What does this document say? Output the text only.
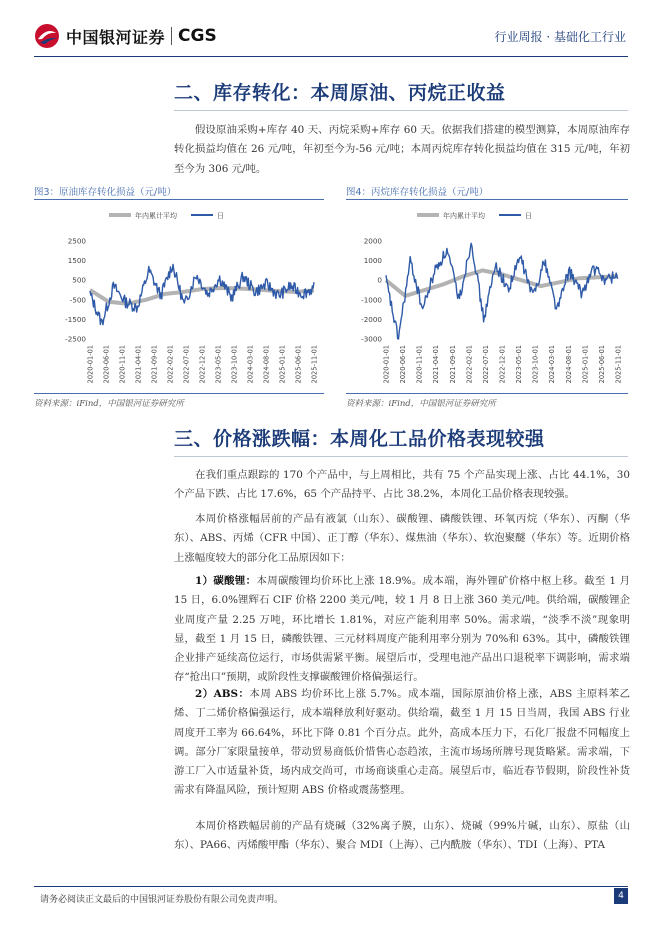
中国银河证券 CGS	行业周报 · 基础化工行业
二、库存转化：本周原油、丙烷正收益
假设原油采购+库存 40 天、丙烷采购+库存 60 天。依据我们搭建的模型测算，本周原油库存转化损益均值在 26 元/吨，年初至今为-56 元/吨；本周丙烷库存转化损益均值在 315 元/吨，年初至今为 306 元/吨。
图3：原油库存转化损益（元/吨）
年内累计平均	日
2500
1500
500
-500
-1500
-2500
2020-01-01 2020-06-01 2020-11-01 2021-04-01 2021-09-01 2022-02-01 2022-07-01 2022-12-01 2023-05-01 2023-10-01 2024-03-01 2024-08-01 2025-01-01 2025-06-01 2025-11-01
资料来源：iFind，中国银河证券研究所
图4：丙烷库存转化损益（元/吨）
年内累计平均	日
2000
1000
0
-1000
-2000
-3000
2020-01-01 2020-06-01 2020-11-01 2021-04-01 2021-09-01 2022-02-01 2022-07-01 2022-12-01 2023-05-01 2023-10-01 2024-03-01 2024-08-01 2025-01-01 2025-06-01 2025-11-01
资料来源：iFind，中国银河证券研究所
三、价格涨跌幅：本周化工品价格表现较强
在我们重点跟踪的 170 个产品中，与上周相比，共有 75 个产品实现上涨、占比 44.1%，30 个产品下跌、占比 17.6%，65 个产品持平、占比 38.2%，本周化工品价格表现较强。
本周价格涨幅居前的产品有液氯（山东）、碳酸锂、磷酸铁锂、环氧丙烷（华东）、丙酮（华东）、ABS、丙烯（CFR 中国）、正丁醇（华东）、煤焦油（华东）、软泡聚醚（华东）等。近期价格上涨幅度较大的部分化工品原因如下：
1）碳酸锂：本周碳酸锂均价环比上涨 18.9%。成本端，海外锂矿价格中枢上移。截至 1 月 15 日，6.0%锂辉石 CIF 价格 2200 美元/吨，较 1 月 8 日上涨 360 美元/吨。供给端，碳酸锂企业周度产量 2.25 万吨，环比增长 1.81%，对应产能利用率 50%。需求端，“淡季不淡”现象明显，截至 1 月 15 日，磷酸铁锂、三元材料周度产能利用率分别为 70%和 63%。其中，磷酸铁锂企业排产延续高位运行，市场供需紧平衡。展望后市，受理电池产品出口退税率下调影响，需求端存“抢出口”预期，或阶段性支撑碳酸锂价格偏强运行。
2）ABS：本周 ABS 均价环比上涨 5.7%。成本端，国际原油价格上涨，ABS 主原料苯乙烯、丁二烯价格偏强运行，成本端释放利好驱动。供给端，截至 1 月 15 日当周，我国 ABS 行业周度开工率为 66.64%，环比下降 0.81 个百分点。此外，高成本压力下，石化厂报盘不同幅度上调。部分厂家限量接单，带动贸易商低价惜售心态趋浓，主流市场场所牌号现货略紧。需求端，下游工厂入市适量补货，场内成交尚可，市场商谈重心走高。展望后市，临近春节假期，阶段性补货需求有降温风险，预计短期 ABS 价格或震荡整理。
本周价格跌幅居前的产品有烧碱（32%离子膜，山东）、烧碱（99%片碱，山东）、原盐（山东）、PA66、丙烯酸甲酯（华东）、聚合 MDI（上海）、己内酰胺（华东）、TDI（上海）、PTA
请务必阅读正文最后的中国银河证券股份有限公司免责声明。	4
